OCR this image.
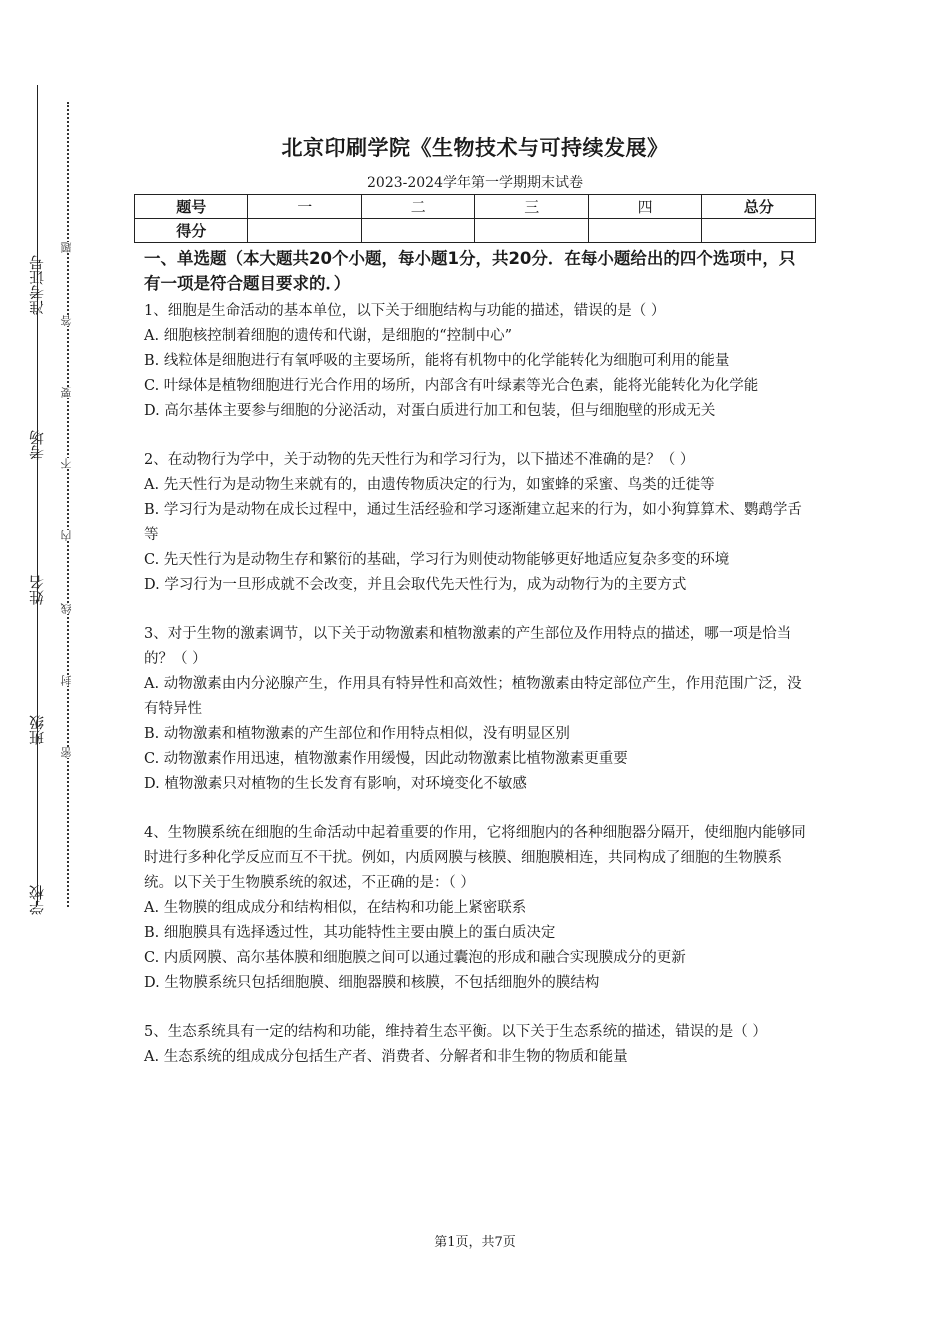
准考证号
考场
姓名
班级
学校
题
答
要
不
内
线
封
密
北京印刷学院《生物技术与可持续发展》
2023-2024学年第一学期期末试卷
题号	一	二	三	四	总分
得分					
一、单选题（本大题共20个小题，每小题1分，共20分．在每小题给出的四个选项中，只有一项是符合题目要求的．）

1、细胞是生命活动的基本单位，以下关于细胞结构与功能的描述，错误的是（ ）

A. 细胞核控制着细胞的遗传和代谢，是细胞的“控制中心”

B. 线粒体是细胞进行有氧呼吸的主要场所，能将有机物中的化学能转化为细胞可利用的能量

C. 叶绿体是植物细胞进行光合作用的场所，内部含有叶绿素等光合色素，能将光能转化为化学能

D. 高尔基体主要参与细胞的分泌活动，对蛋白质进行加工和包装，但与细胞壁的形成无关

2、在动物行为学中，关于动物的先天性行为和学习行为，以下描述不准确的是？（ ）

A. 先天性行为是动物生来就有的，由遗传物质决定的行为，如蜜蜂的采蜜、鸟类的迁徙等

B. 学习行为是动物在成长过程中，通过生活经验和学习逐渐建立起来的行为，如小狗算算术、鹦鹉学舌等

C. 先天性行为是动物生存和繁衍的基础，学习行为则使动物能够更好地适应复杂多变的环境

D. 学习行为一旦形成就不会改变，并且会取代先天性行为，成为动物行为的主要方式

3、对于生物的激素调节，以下关于动物激素和植物激素的产生部位及作用特点的描述，哪一项是恰当的？（ ）

A. 动物激素由内分泌腺产生，作用具有特异性和高效性；植物激素由特定部位产生，作用范围广泛，没有特异性

B. 动物激素和植物激素的产生部位和作用特点相似，没有明显区别

C. 动物激素作用迅速，植物激素作用缓慢，因此动物激素比植物激素更重要

D. 植物激素只对植物的生长发育有影响，对环境变化不敏感

4、生物膜系统在细胞的生命活动中起着重要的作用，它将细胞内的各种细胞器分隔开，使细胞内能够同时进行多种化学反应而互不干扰。例如，内质网膜与核膜、细胞膜相连，共同构成了细胞的生物膜系统。以下关于生物膜系统的叙述，不正确的是：（ ）

A. 生物膜的组成成分和结构相似，在结构和功能上紧密联系

B. 细胞膜具有选择透过性，其功能特性主要由膜上的蛋白质决定

C. 内质网膜、高尔基体膜和细胞膜之间可以通过囊泡的形成和融合实现膜成分的更新

D. 生物膜系统只包括细胞膜、细胞器膜和核膜，不包括细胞外的膜结构

5、生态系统具有一定的结构和功能，维持着生态平衡。以下关于生态系统的描述，错误的是（ ）

A. 生态系统的组成成分包括生产者、消费者、分解者和非生物的物质和能量

第1页，共7页
